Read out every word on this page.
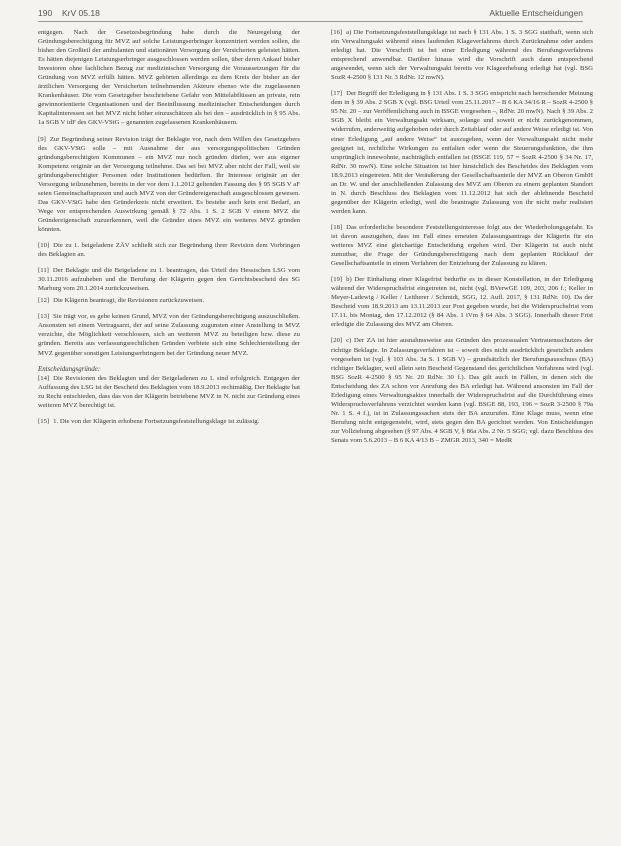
190 KrV 05.18	Aktuelle Entscheidungen

entgegen. Nach der Gesetzesbegründung habe durch die Neuregelung der Gründungsberechtigung für MVZ auf solche Leistungserbringer konzentriert werden sollen, die bisher den Großteil der ambulanten und stationären Versorgung der Versicherten geleistet hätten. Es hätten diejenigen Leistungserbringer ausgeschlossen werden sollen, über deren Ankauf bisher Investoren ohne fachlichen Bezug zur medizinischen Versorgung die Voraussetzungen für die Gründung von MVZ erfüllt hätten. MVZ gehörten allerdings zu dem Kreis der bisher an der ärztlichen Versorgung der Versicherten teilnehmenden Akteure ebenso wie die zugelassenen Krankenhäuser. Die vom Gesetzgeber beschriebene Gefahr von Mittelabflüssen an private, rein gewinnorientierte Organisationen und der Beeinflussung medizinischer Entscheidungen durch Kapitalinteressen sei bei MVZ nicht höher einzuschätzen als bei den – ausdrücklich in § 95 Abs. 1a SGB V idF des GKV-VStG – genannten zugelassenen Krankenhäusern.

[9] Zur Begründung seiner Revision trägt der Beklagte vor, nach dem Willen des Gesetzgebers des GKV-VStG solle – mit Ausnahme der aus versorgungspolitischen Gründen gründungsberechtigten Kommunen – ein MVZ nur noch gründen dürfen, wer aus eigener Kompetenz originär an der Versorgung teilnehme. Das sei bei MVZ aber nicht der Fall, weil sie gründungsberechtigter Personen oder Institutionen bedürften. Ihr Interesse originär an der Versorgung teilzunehmen, bereits in der vor dem 1.1.2012 geltenden Fassung des § 95 SGB V aF seien Gemeinschaftspraxen und auch MVZ von der Gründereigenschaft ausgeschlossen gewesen. Das GKV-VStG habe den Gründerkreis nicht erweitert. Es bestehe auch kein erst Bedarf, an Wege vor entsprechenden Auswirkung gemäß § 72 Abs. 1 S. 2 SGB V einem MVZ die Gründereigenschaft zuzuerkennen, weil die Gründer eines MVZ ein weiteres MVZ gründen könnten.

[10] Die zu 1. beigeladene ZÄV schließt sich zur Begründung ihrer Revision dem Vorbringen des Beklagten an.

[11] Der Beklagte und die Beigeladene zu 1. beantragen, das Urteil des Hessischen LSG vom 30.11.2016 aufzuheben und die Berufung der Klägerin gegen den Gerichtsbescheid des SG Marburg vom 20.1.2014 zurückzuweisen.

[12] Die Klägerin beantragt, die Revisionen zurückzuweisen.

[13] Sie trägt vor, es gebe keinen Grund, MVZ von der Gründungsberechtigung auszuschließen. Ansonsten sei einem Vertragsarzt, der auf seine Zulassung zugunsten einer Anstellung in MVZ verzichte, die Möglichkeit verschlossen, sich an weiteren MVZ zu beteiligen bzw. diese zu gründen. Bereits aus verfassungsrechtlichen Gründen verbiete sich eine Schlechterstellung der MVZ gegenüber sonstigen Leistungserbringern bei der Gründung neuer MVZ.

Entscheidungsgründe:

[14] Die Revisionen des Beklagten und der Beigeladenen zu 1. sind erfolgreich. Entgegen der Auffassung des LSG ist der Bescheid des Beklagten vom 18.9.2013 rechtmäßig. Der Beklagte hat zu Recht entschieden, dass das von der Klägerin betriebene MVZ in N. nicht zur Gründung eines weiteren MVZ berechtigt ist.

[15] 1. Die von der Klägerin erhobene Fortsetzungsfeststellungsklage ist zulässig.

[16] a) Die Fortsetzungsfeststellungsklage ist nach § 131 Abs. 1 S. 3 SGG statthaft, wenn sich ein Verwaltungsakt während eines laufenden Klageverfahrens durch Zurücknahme oder anders erledigt hat. Die Vorschrift ist bei einer Erledigung während des Berufungsverfahrens entsprechend anwendbar. Darüber hinaus wird die Vorschrift auch dann entsprechend angewendet, wenn sich der Verwaltungsakt bereits vor Klageerhebung erledigt hat (vgl. BSG SozR 4-2500 § 131 Nr. 3 RdNr. 12 mwN).

[17] Der Begriff der Erledigung in § 131 Abs. 1 S. 3 SGG entspricht nach herrschender Meinung dem in § 39 Abs. 2 SGB X (vgl. BSG Urteil vom 25.11.2017 – B 6 KA 34/16 R – SozR 4-2500 § 95 Nr. 20 – zur Veröffentlichung auch in BSGE vorgesehen –, RdNr. 20 mwN). Nach § 39 Abs. 2 SGB X bleibt ein Verwaltungsakt wirksam, solange und soweit er nicht zurückgenommen, widerrufen, anderweitig aufgehoben oder durch Zeitablauf oder auf andere Weise erledigt ist. Von einer Erledigung „auf andere Weise“ ist auszugehen, wenn der Verwaltungsakt nicht mehr geeignet ist, rechtliche Wirkungen zu entfalten oder wenn die Steuerungsfunktion, die ihm ursprünglich innewohnte, nachträglich entfallen ist (BSGE 119, 57 = SozR 4-2500 § 34 Nr. 17, RdNr. 30 mwN). Eine solche Situation ist hier hinsichtlich des Bescheides des Beklagten vom 18.9.2013 eingetreten. Mit der Veräußerung der Gesellschaftsanteile der MVZ an Oberon GmbH an Dr. W. und der anschließenden Zulassung des MVZ am Oberen zu einem geplanten Standort in N. durch Beschluss des Beklagten vom 11.12.2012 hat sich der ablehnende Bescheid gegenüber der Klägerin erledigt, weil die beantragte Zulassung von ihr nicht mehr realisiert werden kann.

[18] Das erforderliche besondere Feststellungsinteresse folgt aus der Wiederholungsgefahr. Es ist davon auszugehen, dass im Fall eines erneuten Zulassungsantrags der Klägerin für ein weiteres MVZ eine gleichartige Entscheidung ergehen wird. Der Klägerin ist auch nicht zumutbar, die Frage der Gründungsberechtigung nach dem geplanten Rückkauf der Gesellschaftsanteile in einem Verfahren der Entziehung der Zulassung zu klären.

[19] b) Der Einhaltung einer Klagefrist bedurfte es in dieser Konstellation, in der Erledigung während der Widerspruchsfrist eingetreten ist, nicht (vgl. BVerwGE 109, 203, 206 f.; Keller in Meyer-Ladewig / Keller / Leitherer / Schmidt, SGG, 12. Aufl. 2017, § 131 RdNr. 10). Da der Bescheid vom 18.9.2013 am 13.11.2013 zur Post gegeben wurde, bei die Widerspruchsfrist vom 17.11. bis Montag, den 17.12.2012 (§ 84 Abs. 1 iVm § 64 Abs. 3 SGG). Innerhalb dieser Frist erledigte die Zulassung des MVZ am Oberen.

[20] c) Der ZA ist hier ausnahmsweise aus Gründen des prozessualen Vertrauensschutzes der richtige Beklagte. In Zulassungsverfahren ist – soweit dies nicht ausdrücklich gesetzlich anders vorgesehen ist (vgl. § 103 Abs. 3a S. 1 SGB V) – grundsätzlich der Berufungsausschuss (BA) richtiger Beklagter, weil allein sein Bescheid Gegenstand des gerichtlichen Verfahrens wird (vgl. BSG SozR 4-2500 § 95 Nr. 20 RdNr. 30 f.). Das gilt auch in Fällen, in denen sich die Entscheidung des ZA schon vor Anrufung des BA erledigt hat. Während ansonsten im Fall der Erledigung eines Verwaltungsaktes innerhalb der Widerspruchsfrist auf die Durchführung eines Widerspruchsverfahrens verzichtet werden kann (vgl. BSGE 88, 193, 196 = SozR 3-2500 § 79a Nr. 1 S. 4 f.), ist in Zulassungssachen stets der BA anzurufen. Eine Klage muss, wenn eine Berufung nicht entgegensteht, wird, stets gegen den BA gerichtet werden. Von Entscheidungen zur Vollziehung abgesehen (§ 97 Abs. 4 SGB V, § 86a Abs. 2 Nr. 5 SGG; vgl. dazu Beschluss des Senats vom 5.6.2013 – B 6 KA 4/13 B – ZMGR 2013, 340 = MedR
